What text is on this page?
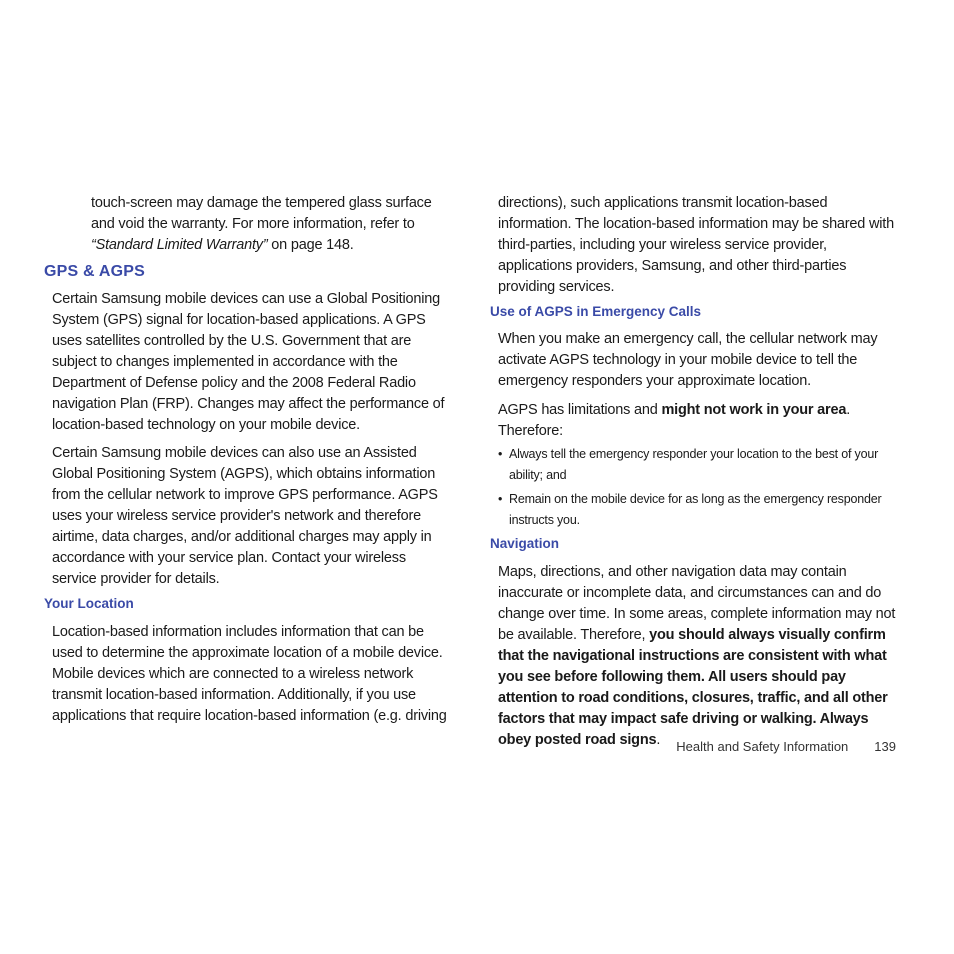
touch-screen may damage the tempered glass surface
and void the warranty. For more information, refer to
“Standard Limited Warranty” on page 148.

GPS & AGPS

Certain Samsung mobile devices can use a Global Positioning System (GPS) signal for location-based applications. A GPS uses satellites controlled by the U.S. Government that are subject to changes implemented in accordance with the Department of Defense policy and the 2008 Federal Radio navigation Plan (FRP). Changes may affect the performance of location-based technology on your mobile device.

Certain Samsung mobile devices can also use an Assisted Global Positioning System (AGPS), which obtains information from the cellular network to improve GPS performance. AGPS uses your wireless service provider's network and therefore airtime, data charges, and/or additional charges may apply in accordance with your service plan. Contact your wireless service provider for details.

Your Location

Location-based information includes information that can be used to determine the approximate location of a mobile device. Mobile devices which are connected to a wireless network transmit location-based information. Additionally, if you use applications that require location-based information (e.g. driving

directions), such applications transmit location-based information. The location-based information may be shared with third-parties, including your wireless service provider, applications providers, Samsung, and other third-parties providing services.

Use of AGPS in Emergency Calls

When you make an emergency call, the cellular network may activate AGPS technology in your mobile device to tell the emergency responders your approximate location.

AGPS has limitations and might not work in your area. Therefore:

• Always tell the emergency responder your location to the best of your ability; and
• Remain on the mobile device for as long as the emergency responder instructs you.
Navigation

Maps, directions, and other navigation data may contain inaccurate or incomplete data, and circumstances can and do change over time. In some areas, complete information may not be available. Therefore, you should always visually confirm that the navigational instructions are consistent with what you see before following them. All users should pay attention to road conditions, closures, traffic, and all other factors that may impact safe driving or walking. Always obey posted road signs.	Health and Safety Information 139
